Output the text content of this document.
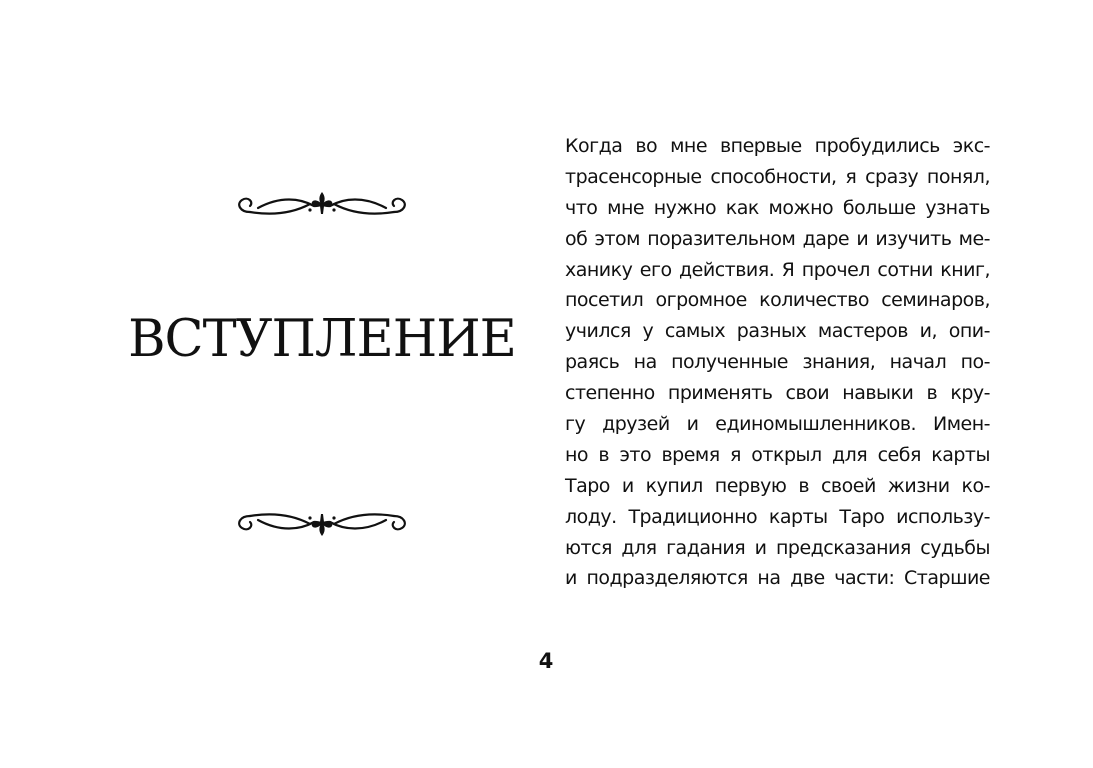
ВСТУПЛЕНИЕ
Когда во мне впервые пробудились экс-
трасенсорные способности, я сразу понял,
что мне нужно как можно больше узнать
об этом поразительном даре и изучить ме-
ханику его действия. Я прочел сотни книг,
посетил огромное количество семинаров,
учился у самых разных мастеров и, опи-
раясь на полученные знания, начал по-
степенно применять свои навыки в кру-
гу друзей и единомышленников. Имен-
но в это время я открыл для себя карты
Таро и купил первую в своей жизни ко-
лоду. Традиционно карты Таро использу-
ются для гадания и предсказания судьбы
и подразделяются на две части: Старшие
4
